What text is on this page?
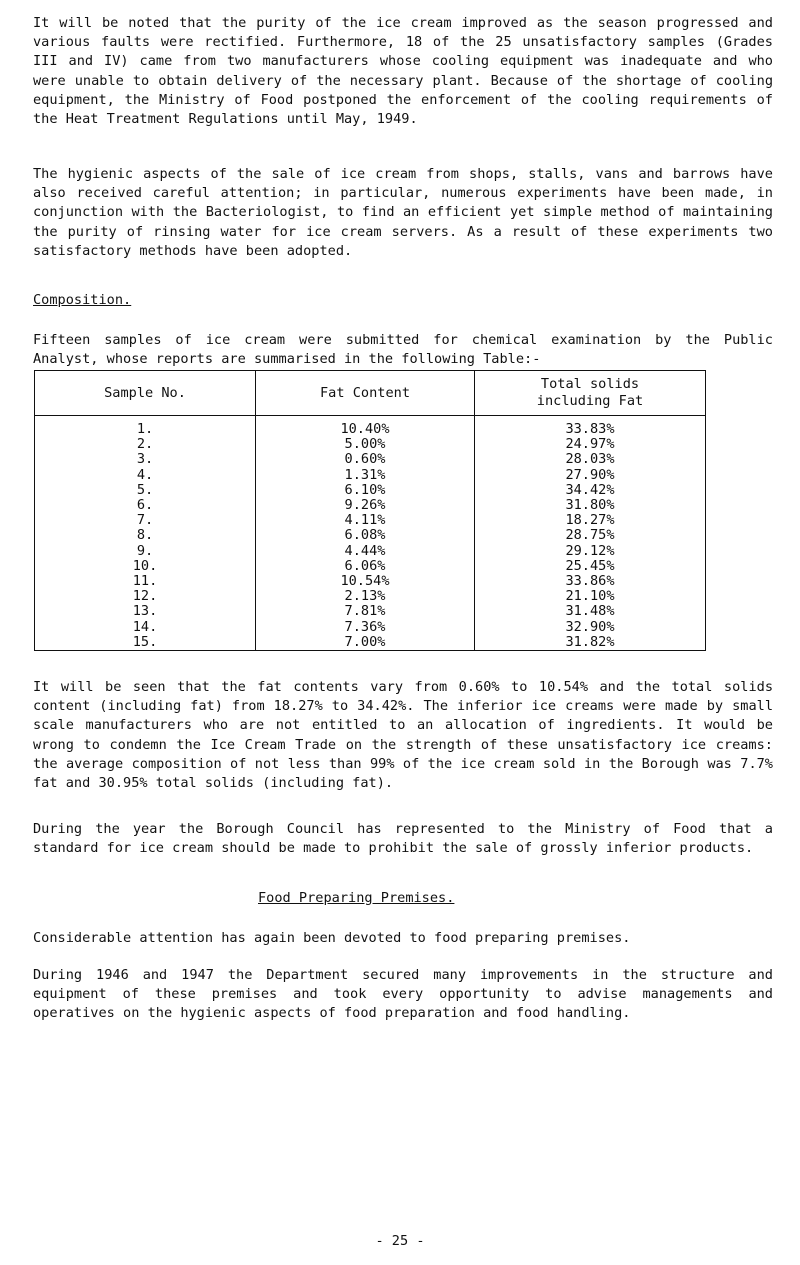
It will be noted that the purity of the ice cream improved as the season progressed and various faults were rectified. Furthermore, 18 of the 25 unsatisfactory samples (Grades III and IV) came from two manufacturers whose cooling equipment was inadequate and who were unable to obtain delivery of the necessary plant. Because of the shortage of cooling equipment, the Ministry of Food postponed the enforcement of the cooling requirements of the Heat Treatment Regulations until May, 1949.

The hygienic aspects of the sale of ice cream from shops, stalls, vans and barrows have also received careful attention; in particular, numerous experiments have been made, in conjunction with the Bacteriologist, to find an efficient yet simple method of maintaining the purity of rinsing water for ice cream servers. As a result of these experiments two satisfactory methods have been adopted.

Composition.

Fifteen samples of ice cream were submitted for chemical examination by the Public Analyst, whose reports are summarised in the following Table:-

Sample No.	Fat Content	Total solids
including Fat
1.	10.40%	33.83%
2.	5.00%	24.97%
3.	0.60%	28.03%
4.	1.31%	27.90%
5.	6.10%	34.42%
6.	9.26%	31.80%
7.	4.11%	18.27%
8.	6.08%	28.75%
9.	4.44%	29.12%
10.	6.06%	25.45%
11.	10.54%	33.86%
12.	2.13%	21.10%
13.	7.81%	31.48%
14.	7.36%	32.90%
15.	7.00%	31.82%

It will be seen that the fat contents vary from 0.60% to 10.54% and the total solids content (including fat) from 18.27% to 34.42%. The inferior ice creams were made by small scale manufacturers who are not entitled to an allocation of ingredients. It would be wrong to condemn the Ice Cream Trade on the strength of these unsatisfactory ice creams: the average composition of not less than 99% of the ice cream sold in the Borough was 7.7% fat and 30.95% total solids (including fat).

During the year the Borough Council has represented to the Ministry of Food that a standard for ice cream should be made to prohibit the sale of grossly inferior products.

Food Preparing Premises.

Considerable attention has again been devoted to food preparing premises.

During 1946 and 1947 the Department secured many improvements in the structure and equipment of these premises and took every opportunity to advise managements and operatives on the hygienic aspects of food preparation and food handling.

- 25 -
